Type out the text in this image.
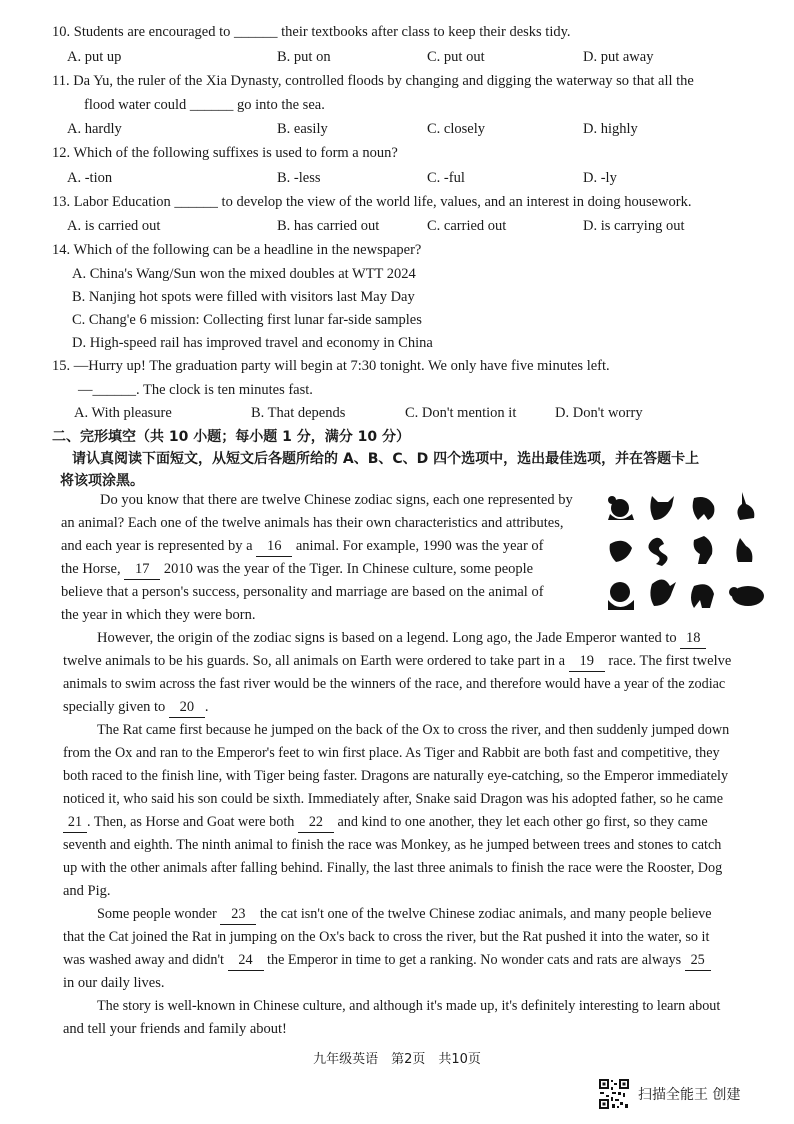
10. Students are encouraged to ______ their textbooks after class to keep their desks tidy.
A. put up	B. put on	C. put out	D. put away
11. Da Yu, the ruler of the Xia Dynasty, controlled floods by changing and digging the waterway so that all the
flood water could ______ go into the sea.
A. hardly	B. easily	C. closely	D. highly
12. Which of the following suffixes is used to form a noun?
A. -tion	B. -less	C. -ful	D. -ly
13. Labor Education ______ to develop the view of the world life, values, and an interest in doing housework.
A. is carried out	B. has carried out	C. carried out	D. is carrying out
14. Which of the following can be a headline in the newspaper?
A. China's Wang/Sun won the mixed doubles at WTT 2024
B. Nanjing hot spots were filled with visitors last May Day
C. Chang'e 6 mission: Collecting first lunar far-side samples
D. High-speed rail has improved travel and economy in China
15. —Hurry up! The graduation party will begin at 7:30 tonight. We only have five minutes left.
—______. The clock is ten minutes fast.
A. With pleasure	B. That depends	C. Don't mention it	D. Don't worry
二、完形填空（共 10 小题；每小题 1 分，满分 10 分）
请认真阅读下面短文，从短文后各题所给的 A、B、C、D 四个选项中，选出最佳选项，并在答题卡上
将该项涂黑。
Do you know that there are twelve Chinese zodiac signs, each one represented by
an animal? Each one of the twelve animals has their own characteristics and attributes,
and each year is represented by a 16 animal. For example, 1990 was the year of
the Horse, 17 2010 was the year of the Tiger. In Chinese culture, some people
believe that a person's success, personality and marriage are based on the animal of
the year in which they were born.
However, the origin of the zodiac signs is based on a legend. Long ago, the Jade Emperor wanted to 18
twelve animals to be his guards. So, all animals on Earth were ordered to take part in a 19 race. The first twelve
animals to swim across the fast river would be the winners of the race, and therefore would have a year of the zodiac
specially given to 20 .
The Rat came first because he jumped on the back of the Ox to cross the river, and then suddenly jumped down
from the Ox and ran to the Emperor's feet to win first place. As Tiger and Rabbit are both fast and competitive, they
both raced to the finish line, with Tiger being faster. Dragons are naturally eye-catching, so the Emperor immediately
noticed it, who said his son could be sixth. Immediately after, Snake said Dragon was his adopted father, so he came
21 . Then, as Horse and Goat were both 22 and kind to one another, they let each other go first, so they came
seventh and eighth. The ninth animal to finish the race was Monkey, as he jumped between trees and stones to catch
up with the other animals after falling behind. Finally, the last three animals to finish the race were the Rooster, Dog
and Pig.
Some people wonder 23 the cat isn't one of the twelve Chinese zodiac animals, and many people believe
that the Cat joined the Rat in jumping on the Ox's back to cross the river, but the Rat pushed it into the water, so it
was washed away and didn't 24 the Emperor in time to get a ranking. No wonder cats and rats are always 25
in our daily lives.
The story is well-known in Chinese culture, and although it's made up, it's definitely interesting to learn about
and tell your friends and family about!
九年级英语　第2页　共10页
扫描全能王 创建
